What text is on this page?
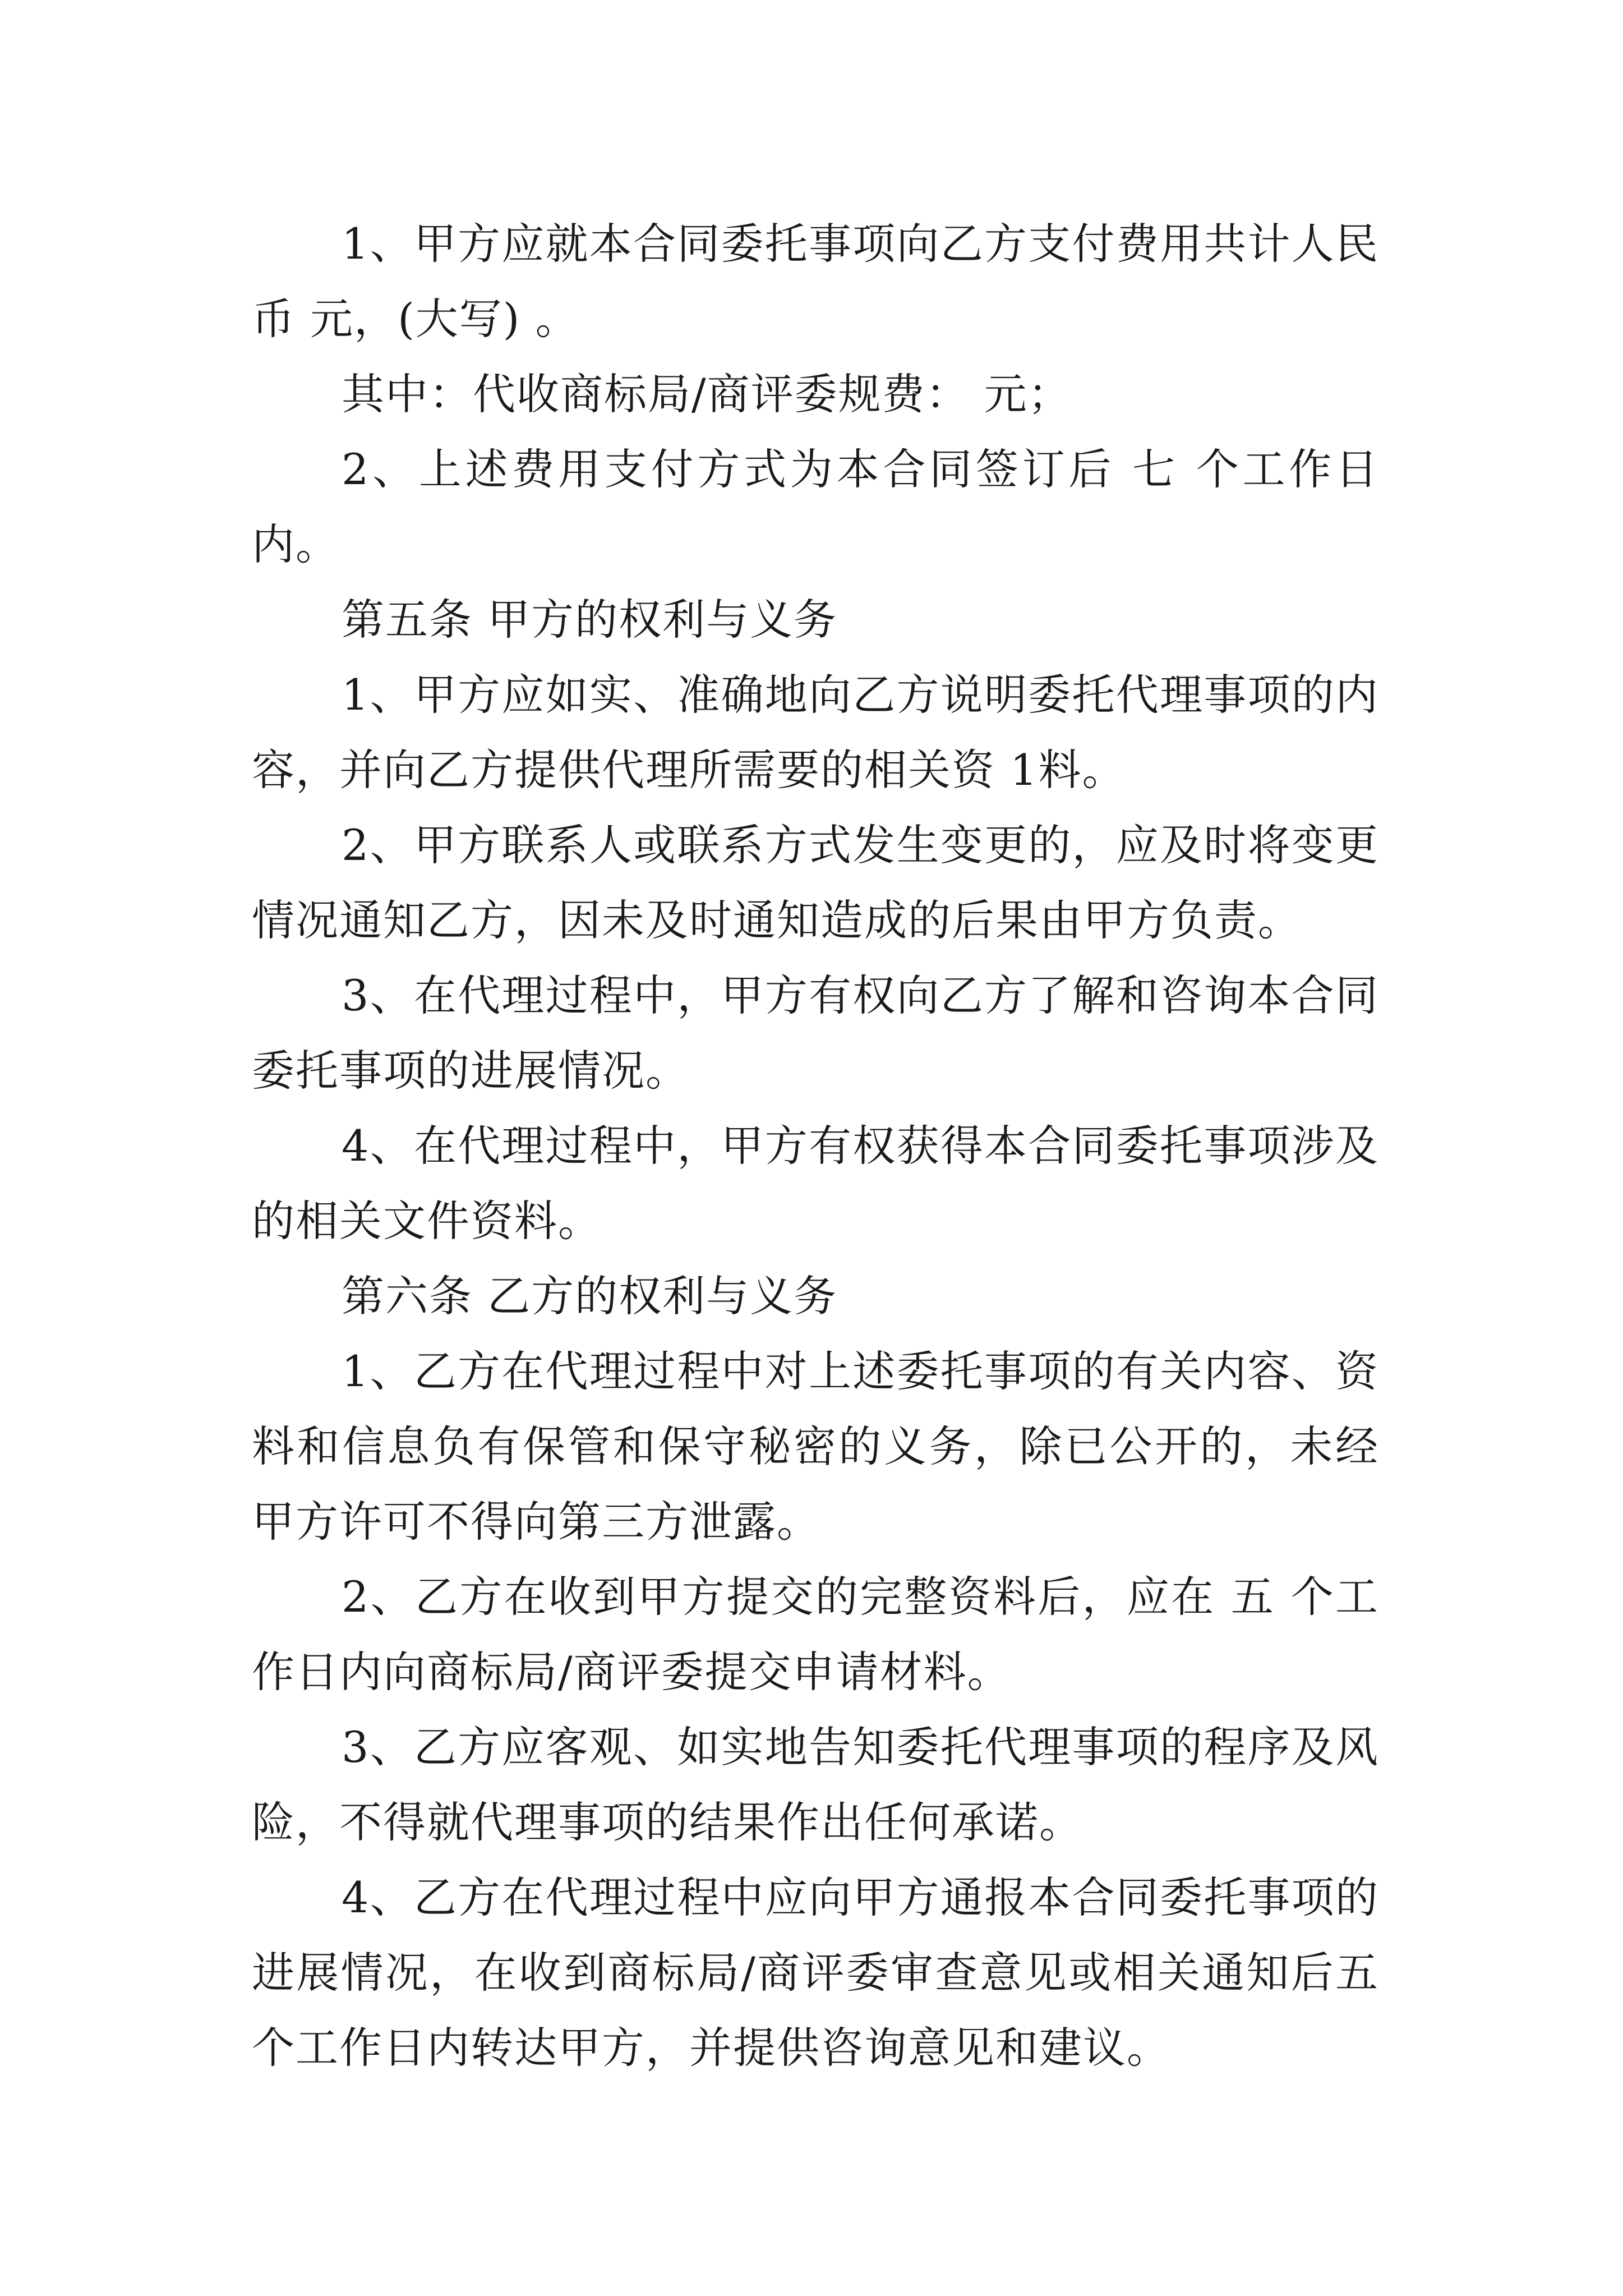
1、甲方应就本合同委托事项向乙方支付费用共计人民币 元，(大写) 。

其中：代收商标局/商评委规费： 元；

2、上述费用支付方式为本合同签订后 七 个工作日内。

第五条 甲方的权利与义务

1、甲方应如实、准确地向乙方说明委托代理事项的内容，并向乙方提供代理所需要的相关资 1料。

2、甲方联系人或联系方式发生变更的，应及时将变更情况通知乙方，因未及时通知造成的后果由甲方负责。

3、在代理过程中，甲方有权向乙方了解和咨询本合同委托事项的进展情况。

4、在代理过程中，甲方有权获得本合同委托事项涉及的相关文件资料。

第六条 乙方的权利与义务

1、乙方在代理过程中对上述委托事项的有关内容、资料和信息负有保管和保守秘密的义务，除已公开的，未经甲方许可不得向第三方泄露。

2、乙方在收到甲方提交的完整资料后，应在 五 个工作日内向商标局/商评委提交申请材料。

3、乙方应客观、如实地告知委托代理事项的程序及风险，不得就代理事项的结果作出任何承诺。

4、乙方在代理过程中应向甲方通报本合同委托事项的进展情况，在收到商标局/商评委审查意见或相关通知后五个工作日内转达甲方，并提供咨询意见和建议。
